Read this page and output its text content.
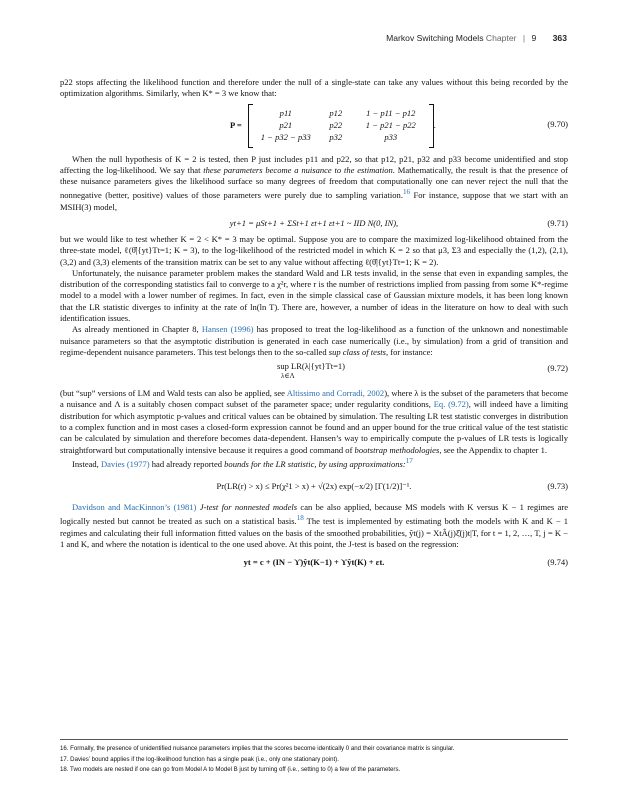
Markov Switching Models Chapter | 9 363

p22 stops affecting the likelihood function and therefore under the null of a single-state can take any values without this being recorded by the optimization algorithms. Similarly, when K* = 3 we know that:

P =
p11	p12	1 − p11 − p12
p21	p22	1 − p21 − p22
1 − p32 − p33	p32	p33
.	(9.70)

When the null hypothesis of K = 2 is tested, then P just includes p11 and p22, so that p12, p21, p32 and p33 become unidentified and stop affecting the log-likelihood. We say that these parameters become a nuisance to the estimation. Mathematically, the result is that the presence of these nuisance parameters gives the likelihood surface so many degrees of freedom that computationally one can never reject the null that the nonnegative (better, positive) values of those parameters were purely due to sampling variation.$^{16}$ For instance, suppose that we start with an MSIH(3) model,

yt+1 = μSt+1 + ΣSt+1 εt+1 εt+1 ~ IID N(0, IN),	(9.71)

but we would like to test whether K = 2 < K* = 3 may be optimal. Suppose you are to compare the maximized log-likelihood obtained from the three-state model, ℓ(θ̂|{yt}Tt=1; K = 3), to the log-likelihood of the restricted model in which K = 2 so that μ3, Σ3 and especially the (1,2), (2,1), (3,2) and (3,3) elements of the transition matrix can be set to any value without affecting ℓ(θ̂|{yt}Tt=1; K = 2).

Unfortunately, the nuisance parameter problem makes the standard Wald and LR tests invalid, in the sense that even in expanding samples, the distribution of the corresponding statistics fail to converge to a χ²r, where r is the number of restrictions implied from passing from some K*-regime model to a model with a lower number of regimes. In fact, even in the simple classical case of Gaussian mixture models, it has been long known that the LR statistic diverges to infinity at the rate of ln(ln T). There are, however, a number of ideas in the literature on how to deal with such identification issues.

As already mentioned in Chapter 8, Hansen (1996) has proposed to treat the log-likelihood as a function of the unknown and nonestimable nuisance parameters so that the asymptotic distribution is generated in each case numerically (i.e., by simulation) from a grid of transition and regime-dependent nuisance parameters. This test belongs then to the so-called sup class of tests, for instance:

sup LR(λ|{yt}Tt=1)
λ∈Λ
(9.72)

(but “sup” versions of LM and Wald tests can also be applied, see Altissimo and Corradi, 2002), where λ is the subset of the parameters that become a nuisance and Λ is a suitably chosen compact subset of the parameter space; under regularity conditions, Eq. (9.72), will indeed have a limiting distribution for which asymptotic p-values and critical values can be obtained by simulation. The resulting LR test statistic converges in distribution to a complex function and in most cases a closed-form expression cannot be found and an upper bound for the true critical value of the test statistic can be calculated by simulation and therefore becomes data-dependent. Hansen’s way to empirically compute the p-values of LR tests is logically straightforward but computationally intensive because it requires a good command of bootstrap methodologies, see the Appendix to chapter 1.

Instead, Davies (1977) had already reported bounds for the LR statistic, by using approximations:$^{17}$

Pr(LR(r) > x) ≤ Pr(χ²1 > x) + √(2x) exp(−x/2) [Γ(1/2)]⁻¹.	(9.73)

Davidson and MacKinnon’s (1981) J-test for nonnested models can be also applied, because MS models with K versus K − 1 regimes are logically nested but cannot be treated as such on a statistical basis.$^{18}$ The test is implemented by estimating both the models with K and K − 1 regimes and calculating their full information fitted values on the basis of the smoothed probabilities, ŷt(j) = XtÂ(j)ξ̂(j)t|T, for t = 1, 2, …, T, j = K − 1 and K, and where the notation is identical to the one used above. At this point, the J-test is based on the regression:

yt = c + (IN − ϒ)ŷt(K−1) + ϒŷt(K) + εt.	(9.74)
16. Formally, the presence of unidentified nuisance parameters implies that the scores become identically 0 and their covariance matrix is singular.
17. Davies’ bound applies if the log-likelihood function has a single peak (i.e., only one stationary point).
18. Two models are nested if one can go from Model A to Model B just by turning off (i.e., setting to 0) a few of the parameters.
